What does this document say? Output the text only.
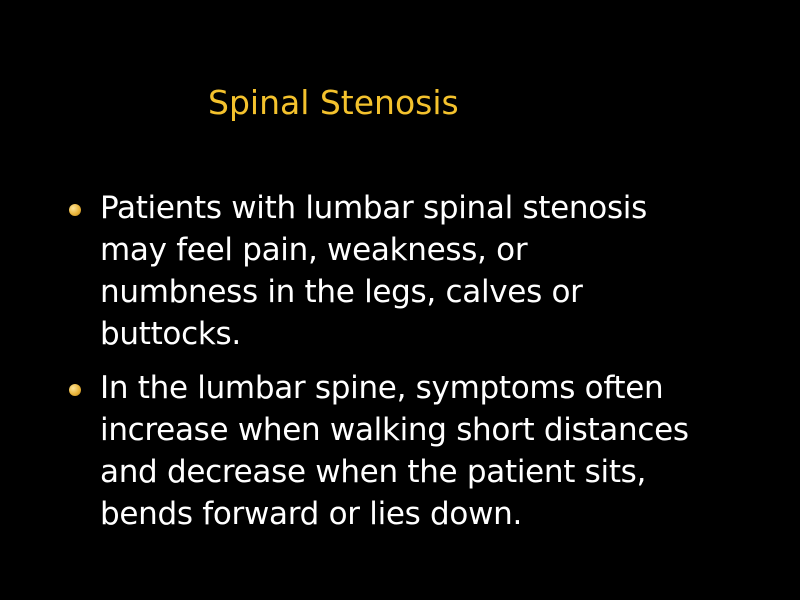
Spinal Stenosis
Patients with lumbar spinal stenosis
may feel pain, weakness, or
numbness in the legs, calves or
buttocks.
In the lumbar spine, symptoms often
increase when walking short distances
and decrease when the patient sits,
bends forward or lies down.
